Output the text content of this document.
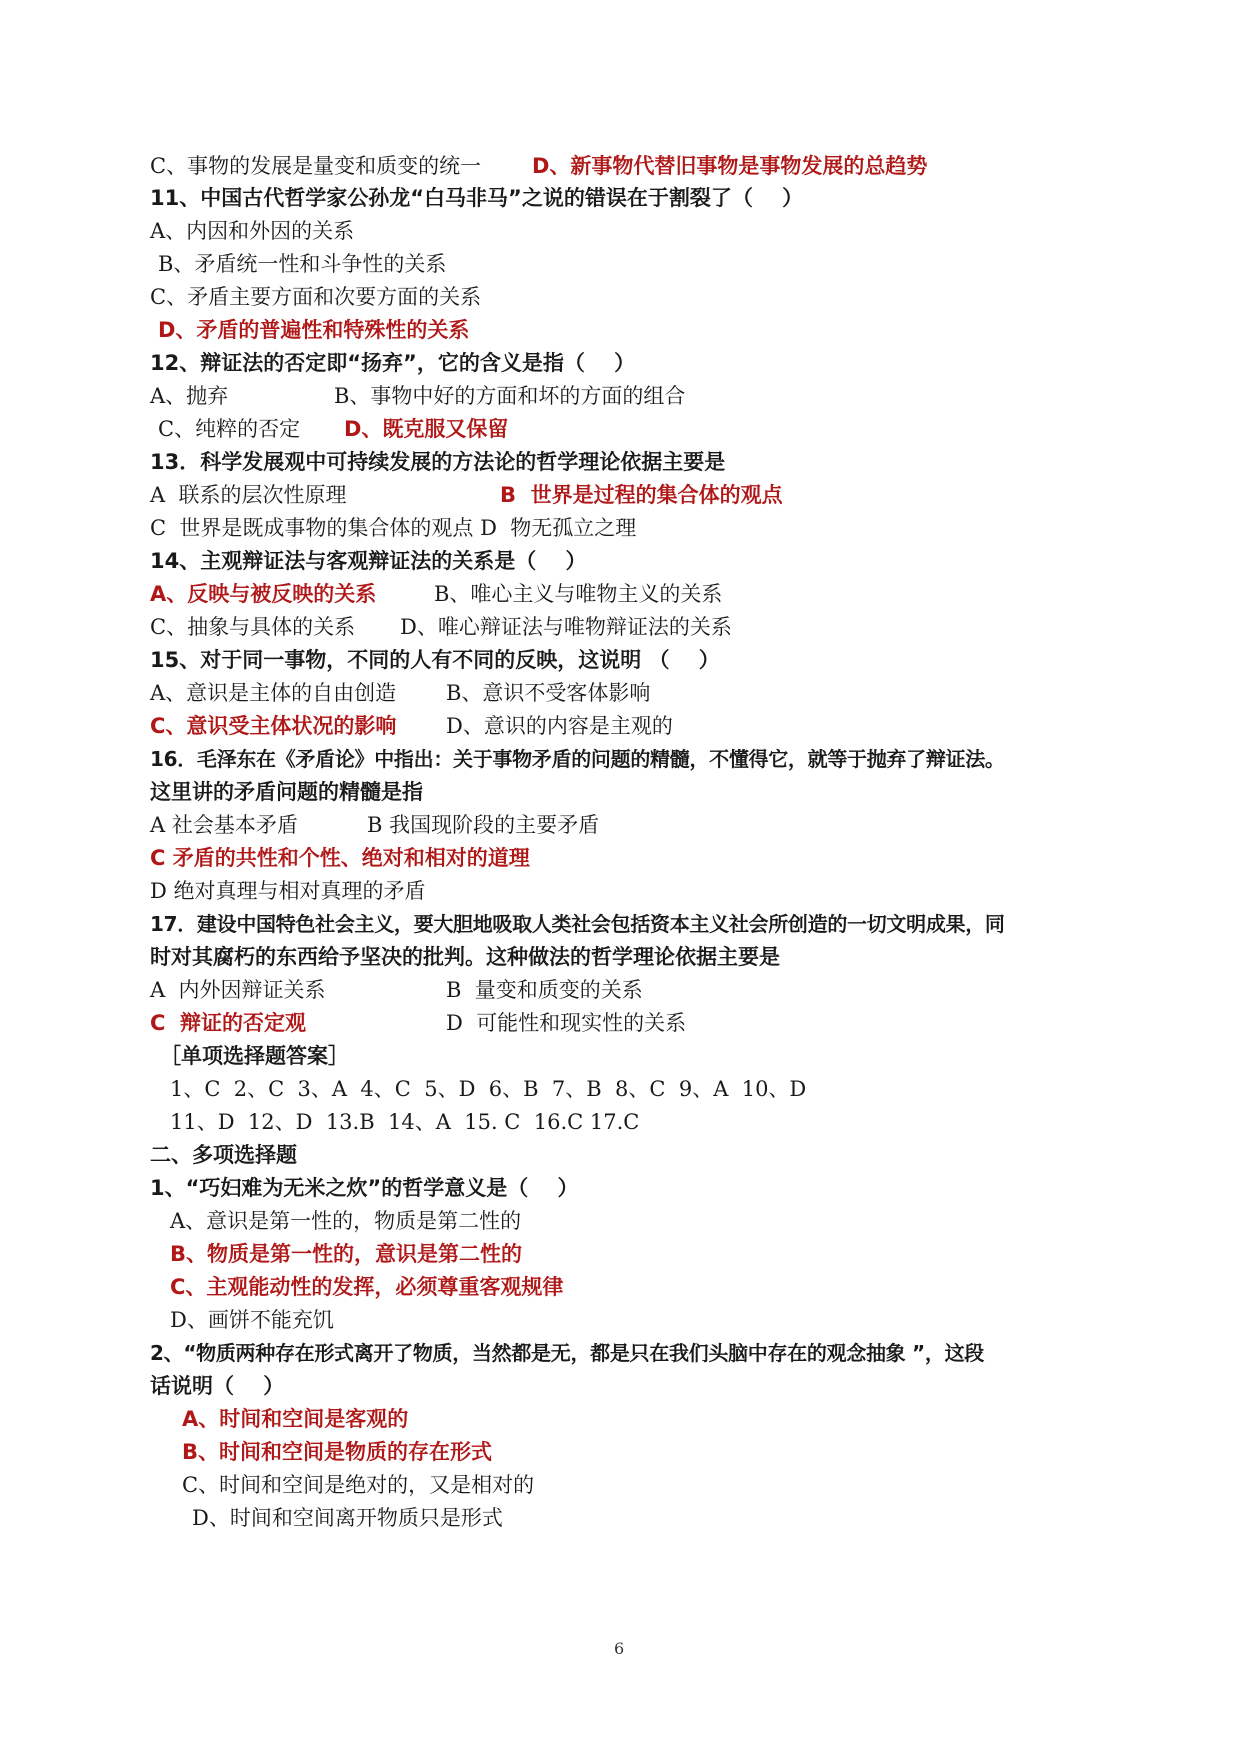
C、事物的发展是量变和质变的统一 D、新事物代替旧事物是事物发展的总趋势
11、中国古代哲学家公孙龙“白马非马”之说的错误在于割裂了（    ）
A、内因和外因的关系
B、矛盾统一性和斗争性的关系
C、矛盾主要方面和次要方面的关系
D、矛盾的普遍性和特殊性的关系
12、辩证法的否定即“扬弃”，它的含义是指（    ）
A、抛弃	B、事物中好的方面和坏的方面的组合
C、纯粹的否定 D、既克服又保留
13．科学发展观中可持续发展的方法论的哲学理论依据主要是
A  联系的层次性原理	B  世界是过程的集合体的观点
C  世界是既成事物的集合体的观点 D  物无孤立之理
14、主观辩证法与客观辩证法的关系是（    ）
A、反映与被反映的关系	B、唯心主义与唯物主义的关系
C、抽象与具体的关系 D、唯心辩证法与唯物辩证法的关系
15、对于同一事物，不同的人有不同的反映，这说明 （    ）
A、意识是主体的自由创造 B、意识不受客体影响
C、意识受主体状况的影响 D、意识的内容是主观的
16．毛泽东在《矛盾论》中指出：关于事物矛盾的问题的精髓，不懂得它，就等于抛弃了辩证法。
这里讲的矛盾问题的精髓是指
A 社会基本矛盾	B 我国现阶段的主要矛盾
C 矛盾的共性和个性、绝对和相对的道理
D 绝对真理与相对真理的矛盾
17．建设中国特色社会主义，要大胆地吸取人类社会包括资本主义社会所创造的一切文明成果，同
时对其腐朽的东西给予坚决的批判。这种做法的哲学理论依据主要是
A  内外因辩证关系	B  量变和质变的关系
C  辩证的否定观	D  可能性和现实性的关系
［单项选择题答案］
1、C  2、C  3、A  4、C  5、D  6、B  7、B  8、C  9、A  10、D
11、D  12、D  13.B  14、A  15. C  16.C 17.C
二、多项选择题
1、“巧妇难为无米之炊”的哲学意义是（    ）
A、意识是第一性的，物质是第二性的
B、物质是第一性的，意识是第二性的
C、主观能动性的发挥，必须尊重客观规律
D、画饼不能充饥
2、“物质两种存在形式离开了物质，当然都是无，都是只在我们头脑中存在的观念抽象 ”，这段
话说明（    ）
A、时间和空间是客观的
B、时间和空间是物质的存在形式
C、时间和空间是绝对的，又是相对的
D、时间和空间离开物质只是形式
6
